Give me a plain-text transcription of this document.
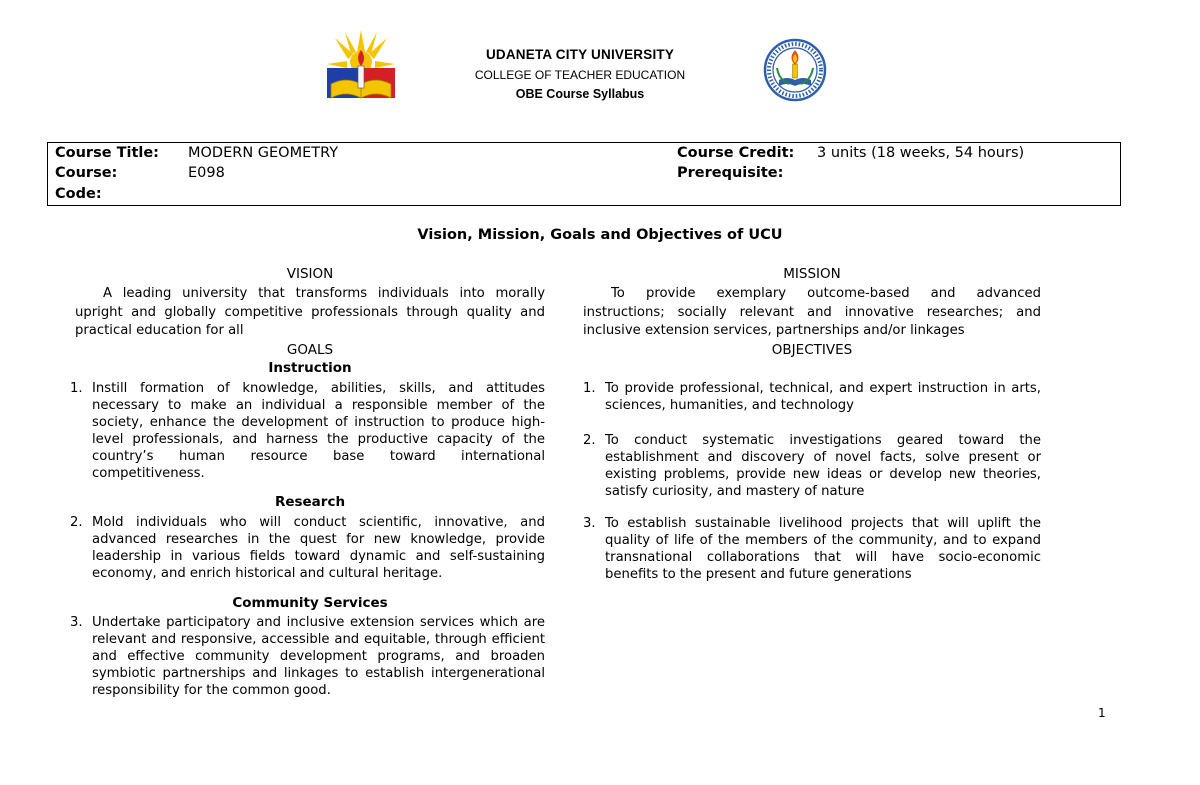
UDANETA CITY UNIVERSITY
COLLEGE OF TEACHER EDUCATION
OBE Course Syllabus
Course Title: MODERN GEOMETRY
Course:
Code:
E098
Course Credit: 3 units (18 weeks, 54 hours)
Prerequisite:
Vision, Mission, Goals and Objectives of UCU
VISION
A leading university that transforms individuals into morally upright and globally competitive professionals through quality and practical education for all
MISSION
To provide exemplary outcome-based and advanced instructions; socially relevant and innovative researches; and inclusive extension services, partnerships and/or linkages
GOALS
Instruction
1. Instill formation of knowledge, abilities, skills, and attitudes necessary to make an individual a responsible member of the society, enhance the development of instruction to produce high-level professionals, and harness the productive capacity of the country’s human resource base toward international competitiveness.
Research
2. Mold individuals who will conduct scientific, innovative, and advanced researches in the quest for new knowledge, provide leadership in various fields toward dynamic and self-sustaining economy, and enrich historical and cultural heritage.
Community Services
3. Undertake participatory and inclusive extension services which are relevant and responsive, accessible and equitable, through efficient and effective community development programs, and broaden symbiotic partnerships and linkages to establish intergenerational responsibility for the common good.
OBJECTIVES
1. To provide professional, technical, and expert instruction in arts, sciences, humanities, and technology
2. To conduct systematic investigations geared toward the establishment and discovery of novel facts, solve present or existing problems, provide new ideas or develop new theories, satisfy curiosity, and mastery of nature
3. To establish sustainable livelihood projects that will uplift the quality of life of the members of the community, and to expand transnational collaborations that will have socio-economic benefits to the present and future generations
1
